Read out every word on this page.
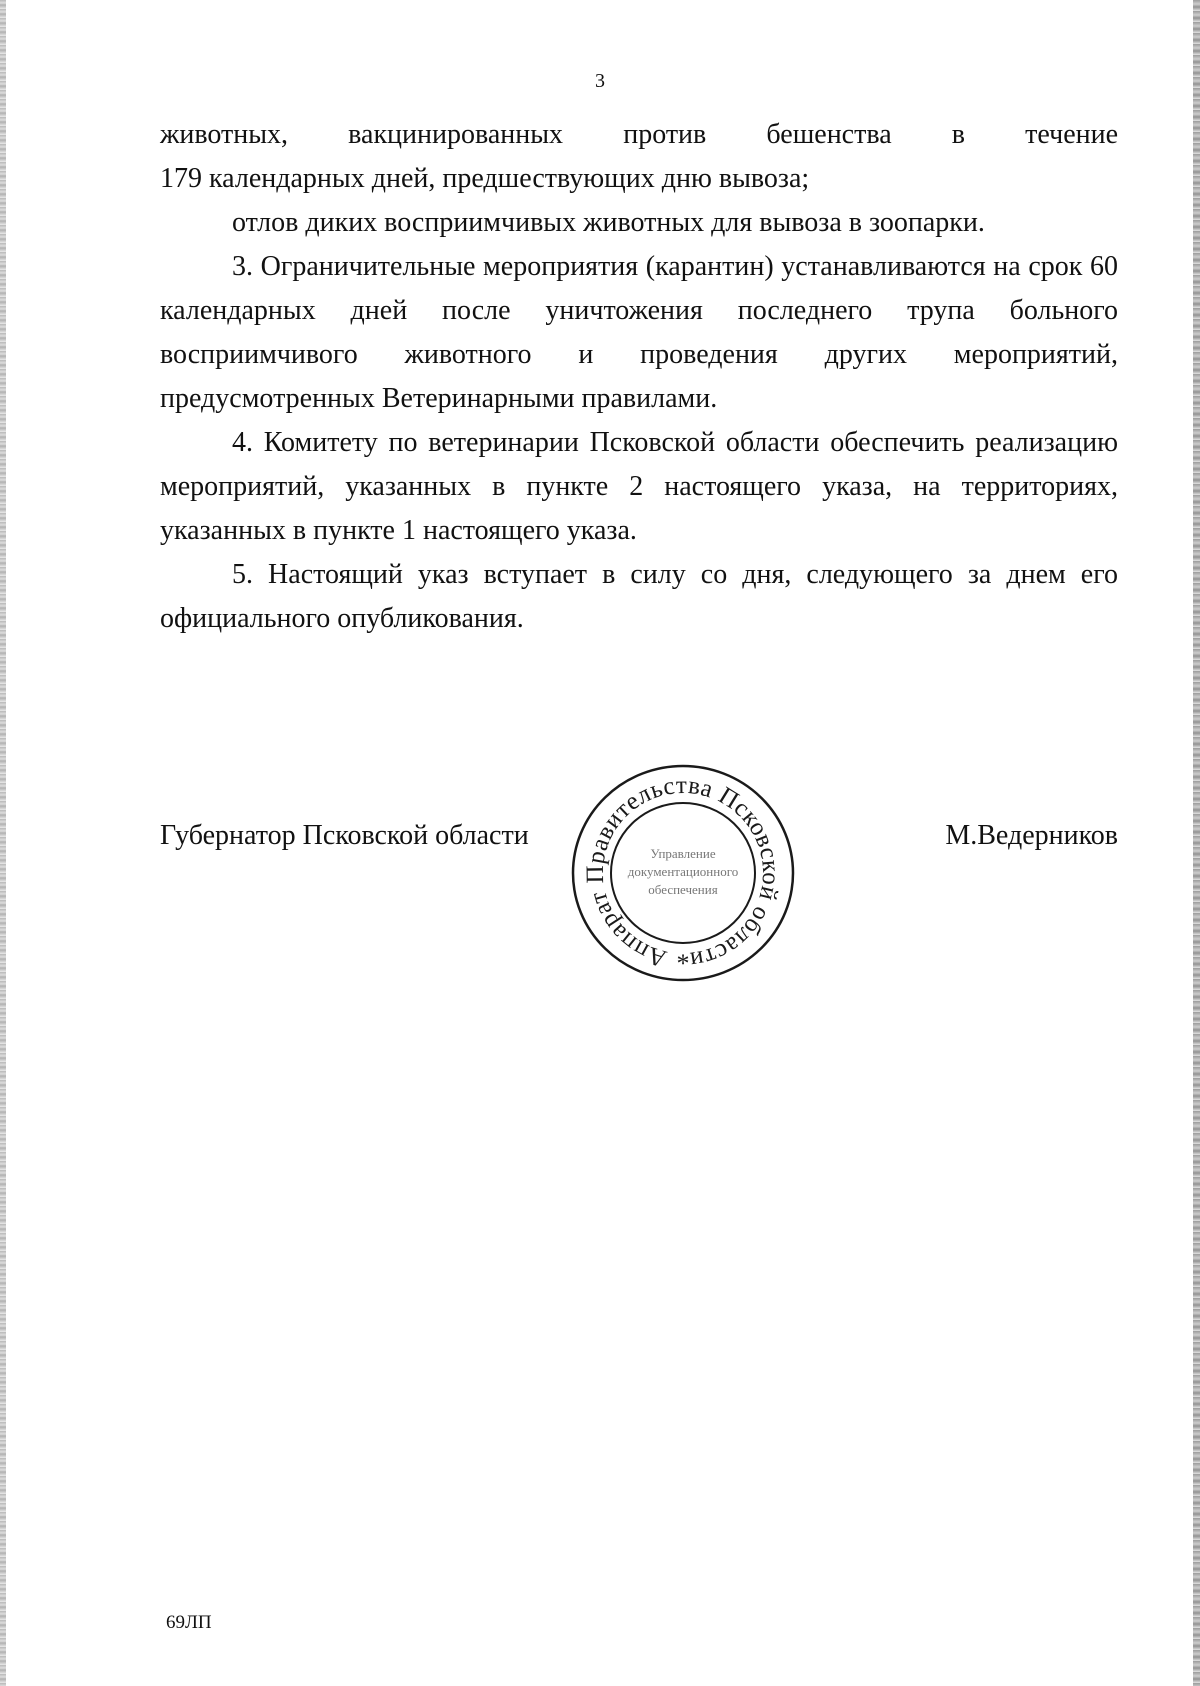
3

животных, вакцинированных против бешенства в течение
179 календарных дней, предшествующих дню вывоза;

отлов диких восприимчивых животных для вывоза в зоопарки.

3. Ограничительные мероприятия (карантин) устанавливаются на срок 60 календарных дней после уничтожения последнего трупа больного восприимчивого животного и проведения других мероприятий, предусмотренных Ветеринарными правилами.

4. Комитету по ветеринарии Псковской области обеспечить реализацию мероприятий, указанных в пункте 2 настоящего указа, на территориях, указанных в пункте 1 настоящего указа.

5. Настоящий указ вступает в силу со дня, следующего за днем его официального опубликования.

Губернатор Псковской области
Аппарат Правительства Псковской области
Управление
документационного
обеспечения
*
М.Ведерников
69ЛП
